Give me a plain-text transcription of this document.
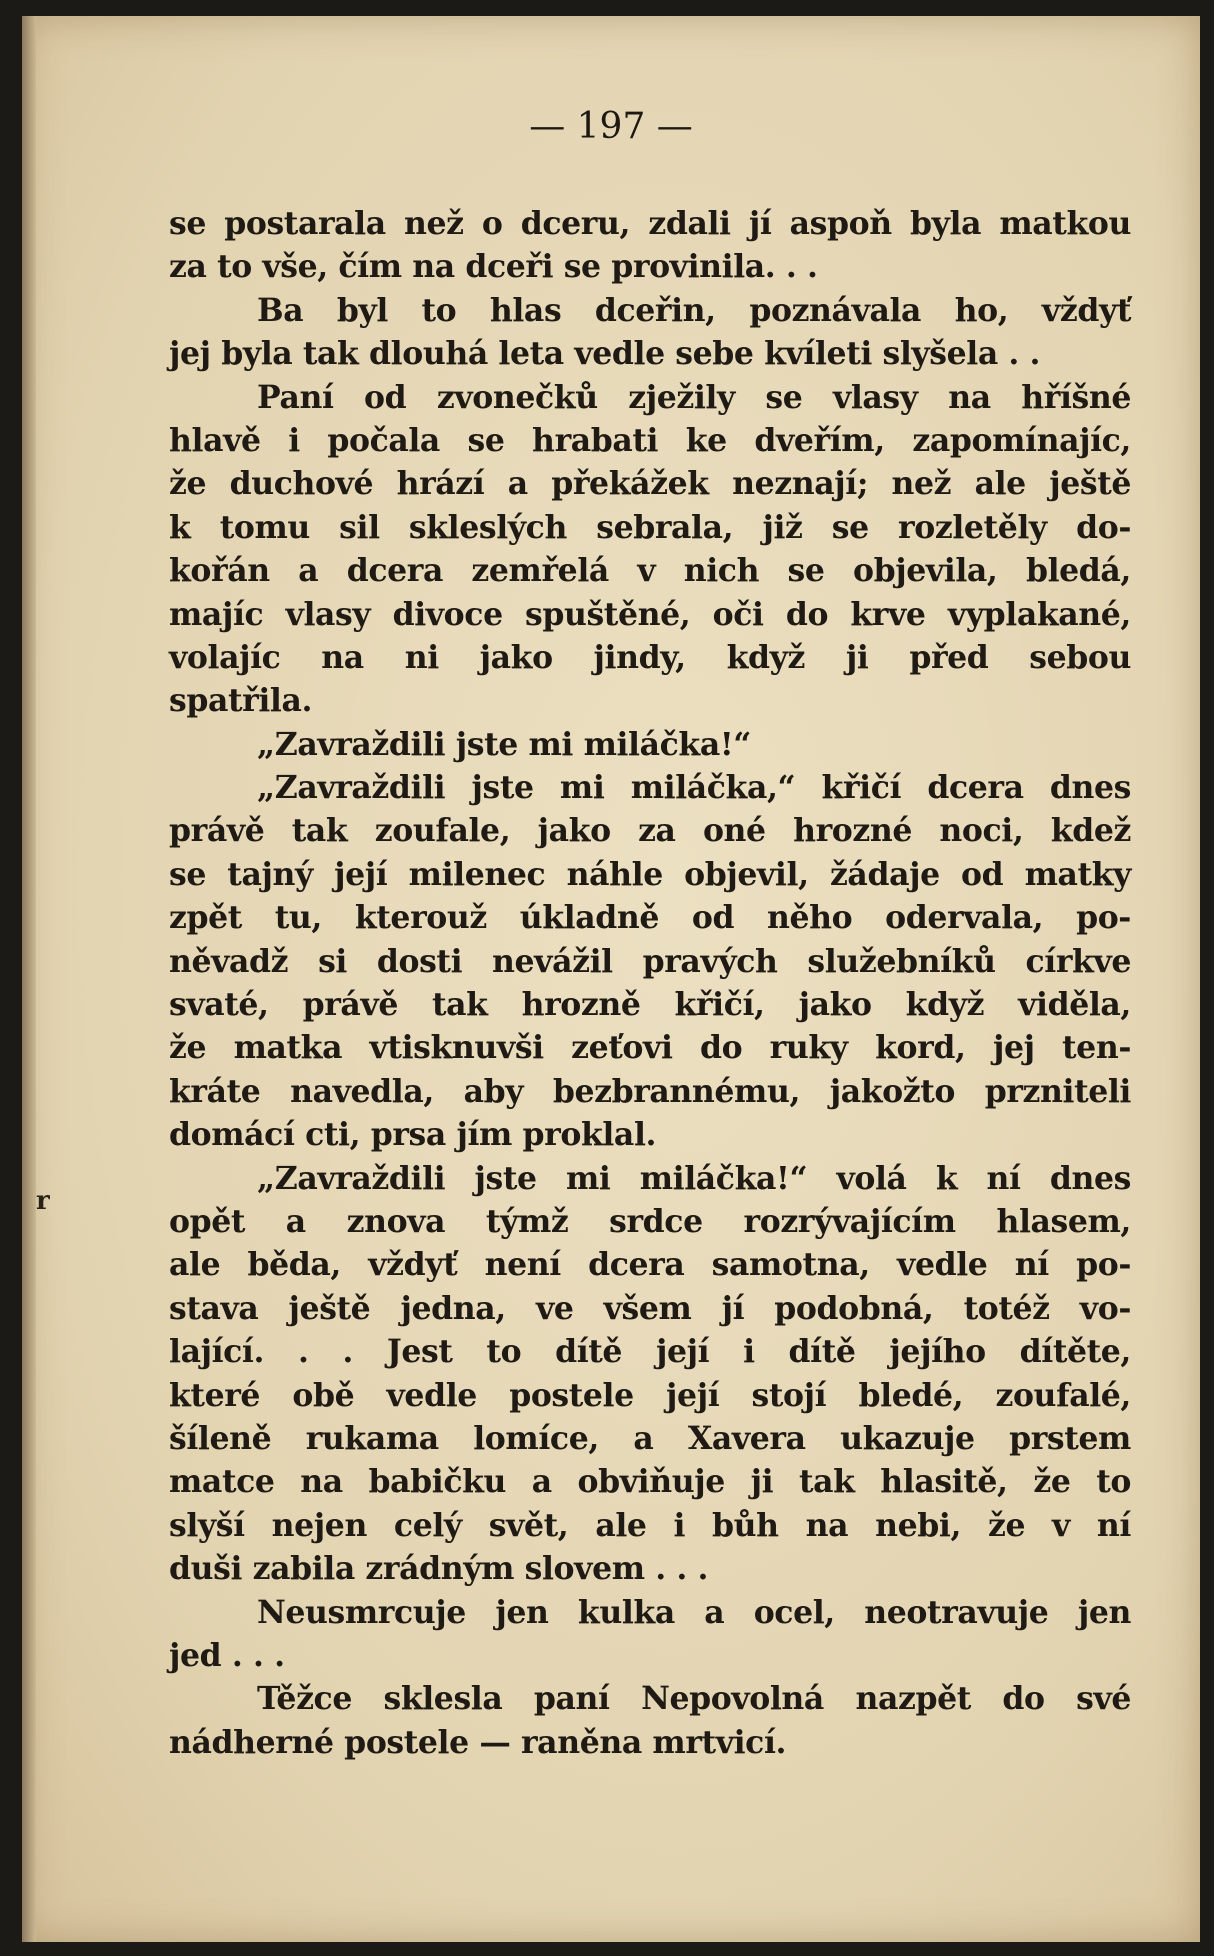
— 197 —
se postarala než o dceru, zdali jí aspoň byla matkou
za to vše, čím na dceři se provinila. . .
Ba byl to hlas dceřin, poznávala ho, vždyť
jej byla tak dlouhá leta vedle sebe kvíleti slyšela . .
Paní od zvonečků zježily se vlasy na hříšné
hlavě i počala se hrabati ke dveřím, zapomínajíc,
že duchové hrází a překážek neznají; než ale ještě
k tomu sil skleslých sebrala, již se rozletěly do-
kořán a dcera zemřelá v nich se objevila, bledá,
majíc vlasy divoce spuštěné, oči do krve vyplakané,
volajíc na ni jako jindy, když ji před sebou
spatřila.
„Zavraždili jste mi miláčka!“
„Zavraždili jste mi miláčka,“ křičí dcera dnes
právě tak zoufale, jako za oné hrozné noci, kdež
se tajný její milenec náhle objevil, žádaje od matky
zpět tu, kterouž úkladně od něho odervala, po-
něvadž si dosti nevážil pravých služebníků církve
svaté, právě tak hrozně křičí, jako když viděla,
že matka vtisknuvši zeťovi do ruky kord, jej ten-
kráte navedla, aby bezbrannému, jakožto przniteli
domácí cti, prsa jím proklal.
„Zavraždili jste mi miláčka!“ volá k ní dnes
opět a znova týmž srdce rozrývajícím hlasem,
ale běda, vždyť není dcera samotna, vedle ní po-
stava ještě jedna, ve všem jí podobná, totéž vo-
lající. . . Jest to dítě její i dítě jejího dítěte,
které obě vedle postele její stojí bledé, zoufalé,
šíleně rukama lomíce, a Xavera ukazuje prstem
matce na babičku a obviňuje ji tak hlasitě, že to
slyší nejen celý svět, ale i bůh na nebi, že v ní
duši zabila zrádným slovem . . .
Neusmrcuje jen kulka a ocel, neotravuje jen
jed . . .
Těžce sklesla paní Nepovolná nazpět do své
nádherné postele — raněna mrtvicí.
r
